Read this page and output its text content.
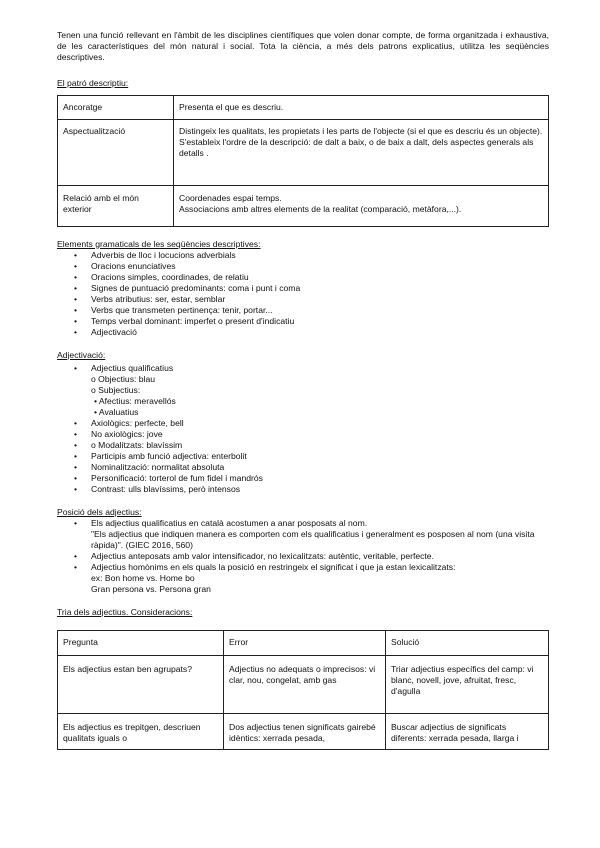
Tenen una funció rellevant en l'àmbit de les disciplines científiques que volen donar compte, de forma organitzada i exhaustiva, de les característiques del món natural i social. Tota la ciència, a més dels patrons explicatius, utilitza les seqüències descriptives.

El patró descriptiu:

Ancoratge	Presenta el que es descriu.

Aspectualització	Distingeix les qualitats, les propietats i les parts de l'objecte (si el que es descriu és un objecte).
S'estableix l'ordre de la descripció: de dalt a baix, o de baix a dalt, dels aspectes generals als detalls .

Relació amb el món exterior	Coordenades espai temps.
Associacions amb altres elements de la realitat (comparació, metàfora,...).

Elements gramaticals de les seqüències descriptives:

• Adverbis de lloc i locucions adverbials
• Oracions enunciatives
• Oracions simples, coordinades, de relatiu
• Signes de puntuació predominants: coma i punt i coma
• Verbs atributius: ser, estar, semblar
• Verbs que transmeten pertinença: tenir, portar...
• Temps verbal dominant: imperfet o present d'indicatiu
• Adjectivació

Adjectivació:

• Adjectius qualificatius
o Objectius: blau
o Subjectius:
• Afectius: meravellós
• Avaluatius
• Axiològics: perfecte, bell
• No axiològics: jove
• o Modalitzats: blavíssim
• Participis amb funció adjectiva: enterbolit
• Nominalització: normalitat absoluta
• Personificació: torterol de fum fidel i mandrós
• Contrast: ulls blavíssims, però intensos

Posició dels adjectius:

• Els adjectius qualificatius en català acostumen a anar posposats al nom.
"Els adjectius que indiquen manera es comporten com els qualificatius i generalment es posposen al nom (una visita ràpida)". (GIEC 2016, 560)
• Adjectius anteposats amb valor intensificador, no lexicalitzats: autèntic, veritable, perfecte.
• Adjectius homònims en els quals la posició en restringeix el significat i que ja estan lexicalitzats:
ex: Bon home vs. Home bo
Gran persona vs. Persona gran

Tria dels adjectius. Consideracions:

Pregunta	Error	Solució
Els adjectius estan ben agrupats?	Adjectius no adequats o imprecisos: vi clar, nou, congelat, amb gas	Triar adjectius específics del camp: vi blanc, novell, jove, afruitat, fresc, d'agulla
Els adjectius es trepitgen, descriuen qualitats iguals o	Dos adjectius tenen significats gairebé idèntics: xerrada pesada,	Buscar adjectius de significats diferents: xerrada pesada, llarga i
